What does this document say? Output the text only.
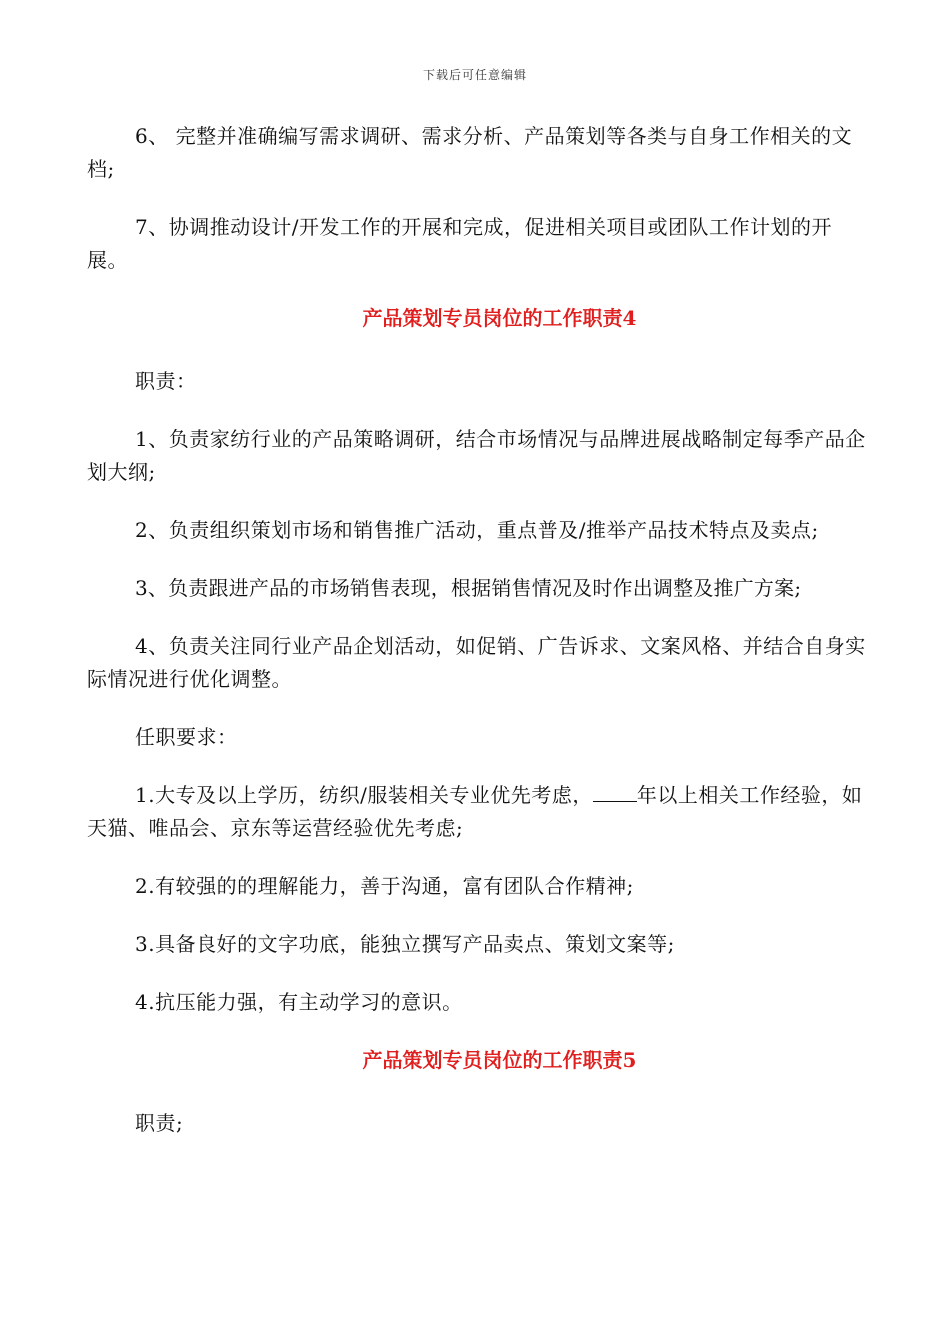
下载后可任意编辑

6、 完整并准确编写需求调研、需求分析、产品策划等各类与自身工作相关的文档;

7、协调推动设计/开发工作的开展和完成，促进相关项目或团队工作计划的开展。

产品策划专员岗位的工作职责4

职责：

1、负责家纺行业的产品策略调研，结合市场情况与品牌进展战略制定每季产品企划大纲;

2、负责组织策划市场和销售推广活动，重点普及/推举产品技术特点及卖点;

3、负责跟进产品的市场销售表现，根据销售情况及时作出调整及推广方案;

4、负责关注同行业产品企划活动，如促销、广告诉求、文案风格、并结合自身实际情况进行优化调整。

任职要求：

1.大专及以上学历，纺织/服装相关专业优先考虑， 年以上相关工作经验，如天猫、唯品会、京东等运营经验优先考虑;

2.有较强的的理解能力，善于沟通，富有团队合作精神;

3.具备良好的文字功底，能独立撰写产品卖点、策划文案等;

4.抗压能力强，有主动学习的意识。

产品策划专员岗位的工作职责5

职责;
